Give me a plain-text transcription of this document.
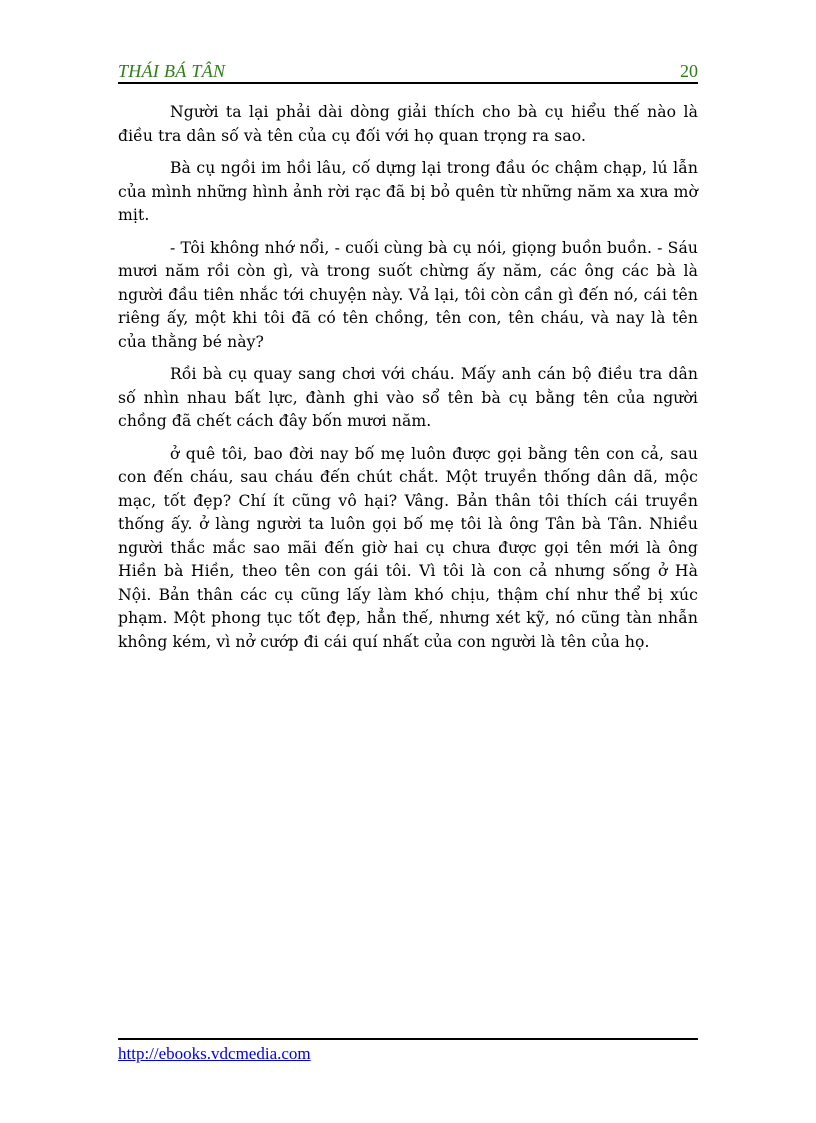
THÁI BÁ TÂN	20

Người ta lại phải dài dòng giải thích cho bà cụ hiểu thế nào là điều tra dân số và tên của cụ đối với họ quan trọng ra sao.

Bà cụ ngồi im hồi lâu, cố dựng lại trong đầu óc chậm chạp, lú lẫn của mình những hình ảnh rời rạc đã bị bỏ quên từ những năm xa xưa mờ mịt.

- Tôi không nhớ nổi, - cuối cùng bà cụ nói, giọng buồn buồn. - Sáu mươi năm rồi còn gì, và trong suốt chừng ấy năm, các ông các bà là người đầu tiên nhắc tới chuyện này. Vả lại, tôi còn cần gì đến nó, cái tên riêng ấy, một khi tôi đã có tên chồng, tên con, tên cháu, và nay là tên của thằng bé này?

Rồi bà cụ quay sang chơi với cháu. Mấy anh cán bộ điều tra dân số nhìn nhau bất lực, đành ghi vào sổ tên bà cụ bằng tên của người chồng đã chết cách đây bốn mươi năm.

ở quê tôi, bao đời nay bố mẹ luôn được gọi bằng tên con cả, sau con đến cháu, sau cháu đến chút chắt. Một truyền thống dân dã, mộc mạc, tốt đẹp? Chí ít cũng vô hại? Vâng. Bản thân tôi thích cái truyền thống ấy. ở làng người ta luôn gọi bố mẹ tôi là ông Tân bà Tân. Nhiều người thắc mắc sao mãi đến giờ hai cụ chưa được gọi tên mới là ông Hiền bà Hiền, theo tên con gái tôi. Vì tôi là con cả nhưng sống ở Hà Nội. Bản thân các cụ cũng lấy làm khó chịu, thậm chí như thể bị xúc phạm. Một phong tục tốt đẹp, hẳn thế, nhưng xét kỹ, nó cũng tàn nhẫn không kém, vì nở cướp đi cái quí nhất của con người là tên của họ.

http://ebooks.vdcmedia.com
